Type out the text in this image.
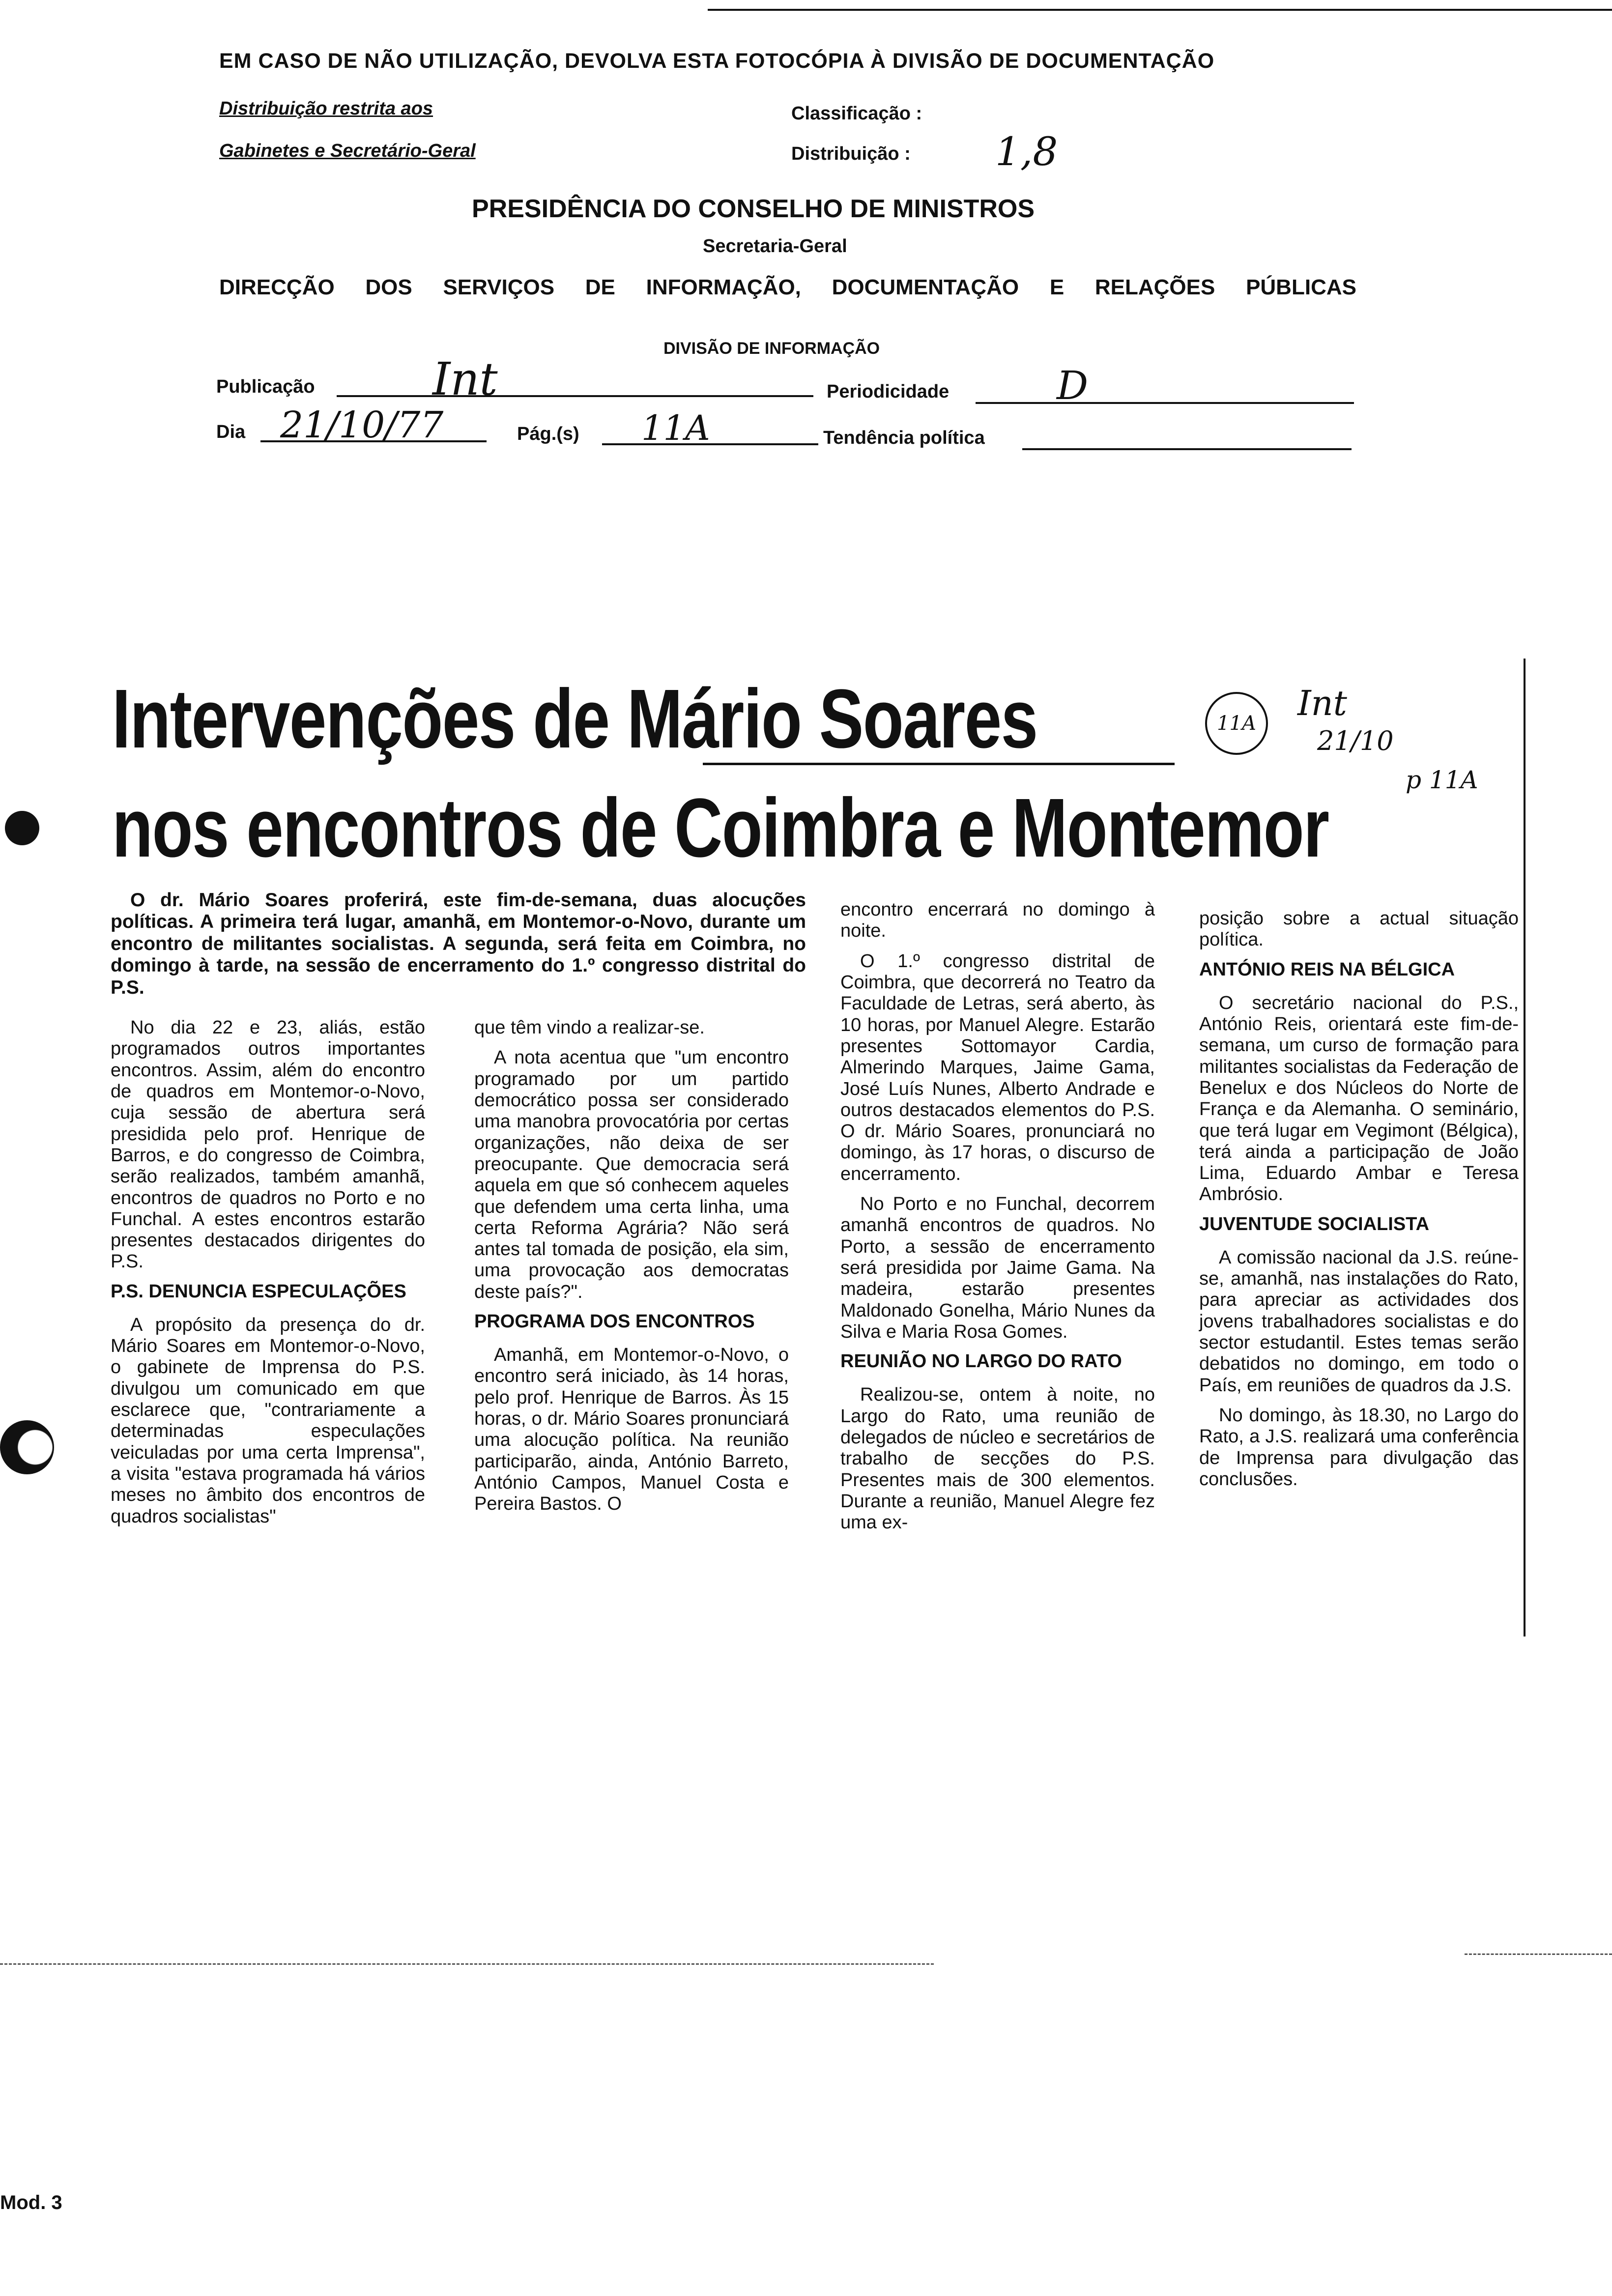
EM CASO DE NÃO UTILIZAÇÃO, DEVOLVA ESTA FOTOCÓPIA À DIVISÃO DE DOCUMENTAÇÃO
Distribuição restrita aos
Gabinetes e Secretário-Geral
Classificação :
Distribuição : 1,8
PRESIDÊNCIA DO CONSELHO DE MINISTROS
Secretaria-Geral
DIRECÇÃO DOS SERVIÇOS DE INFORMAÇÃO, DOCUMENTAÇÃO E RELAÇÕES PÚBLICAS
DIVISÃO DE INFORMAÇÃO
Publicação	Int	Periodicidade	D
Dia 21/10/77	Pág.(s) 11A	Tendência política
Intervenções de Mário Soares
nos encontros de Coimbra e Montemor
11A Int
21/10
p 11A

O dr. Mário Soares proferirá, este fim-de-semana, duas alocuções políticas. A primeira terá lugar, amanhã, em Montemor-o-Novo, durante um encontro de militantes socialistas. A segunda, será feita em Coimbra, no domingo à tarde, na sessão de encerramento do 1.º congresso distrital do P.S.

No dia 22 e 23, aliás, estão programados outros importantes encontros. Assim, além do encontro de quadros em Montemor-o-Novo, cuja sessão de abertura será presidida pelo prof. Henrique de Barros, e do congresso de Coimbra, serão realizados, também amanhã, encontros de quadros no Porto e no Funchal. A estes encontros estarão presentes destacados dirigentes do P.S.

P.S. DENUNCIA ESPECULAÇÕES

A propósito da presença do dr. Mário Soares em Montemor-o-Novo, o gabinete de Imprensa do P.S. divulgou um comunicado em que esclarece que, "contrariamente a determinadas especulações veiculadas por uma certa Imprensa", a visita "estava programada há vários meses no âmbito dos encontros de quadros socialistas"

que têm vindo a realizar-se.

A nota acentua que "um encontro programado por um partido democrático possa ser considerado uma manobra provocatória por certas organizações, não deixa de ser preocupante. Que democracia será aquela em que só conhecem aqueles que defendem uma certa linha, uma certa Reforma Agrária? Não será antes tal tomada de posição, ela sim, uma provocação aos democratas deste país?".

PROGRAMA DOS ENCONTROS

Amanhã, em Montemor-o-Novo, o encontro será iniciado, às 14 horas, pelo prof. Henrique de Barros. Às 15 horas, o dr. Mário Soares pronunciará uma alocução política. Na reunião participarão, ainda, António Barreto, António Campos, Manuel Costa e Pereira Bastos. O

encontro encerrará no domingo à noite.

O 1.º congresso distrital de Coimbra, que decorrerá no Teatro da Faculdade de Letras, será aberto, às 10 horas, por Manuel Alegre. Estarão presentes Sottomayor Cardia, Almerindo Marques, Jaime Gama, José Luís Nunes, Alberto Andrade e outros destacados elementos do P.S. O dr. Mário Soares, pronunciará no domingo, às 17 horas, o discurso de encerramento.

No Porto e no Funchal, decorrem amanhã encontros de quadros. No Porto, a sessão de encerramento será presidida por Jaime Gama. Na madeira, estarão presentes Maldonado Gonelha, Mário Nunes da Silva e Maria Rosa Gomes.

REUNIÃO NO LARGO DO RATO

Realizou-se, ontem à noite, no Largo do Rato, uma reunião de delegados de núcleo e secretários de trabalho de secções do P.S. Presentes mais de 300 elementos. Durante a reunião, Manuel Alegre fez uma ex-

posição sobre a actual situação política.

ANTÓNIO REIS NA BÉLGICA

O secretário nacional do P.S., António Reis, orientará este fim-de-semana, um curso de formação para militantes socialistas da Federação de Benelux e dos Núcleos do Norte de França e da Alemanha. O seminário, que terá lugar em Vegimont (Bélgica), terá ainda a participação de João Lima, Eduardo Ambar e Teresa Ambrósio.

JUVENTUDE SOCIALISTA

A comissão nacional da J.S. reúne-se, amanhã, nas instalações do Rato, para apreciar as actividades dos jovens trabalhadores socialistas e do sector estudantil. Estes temas serão debatidos no domingo, em todo o País, em reuniões de quadros da J.S.

No domingo, às 18.30, no Largo do Rato, a J.S. realizará uma conferência de Imprensa para divulgação das conclusões.

Mod. 3
